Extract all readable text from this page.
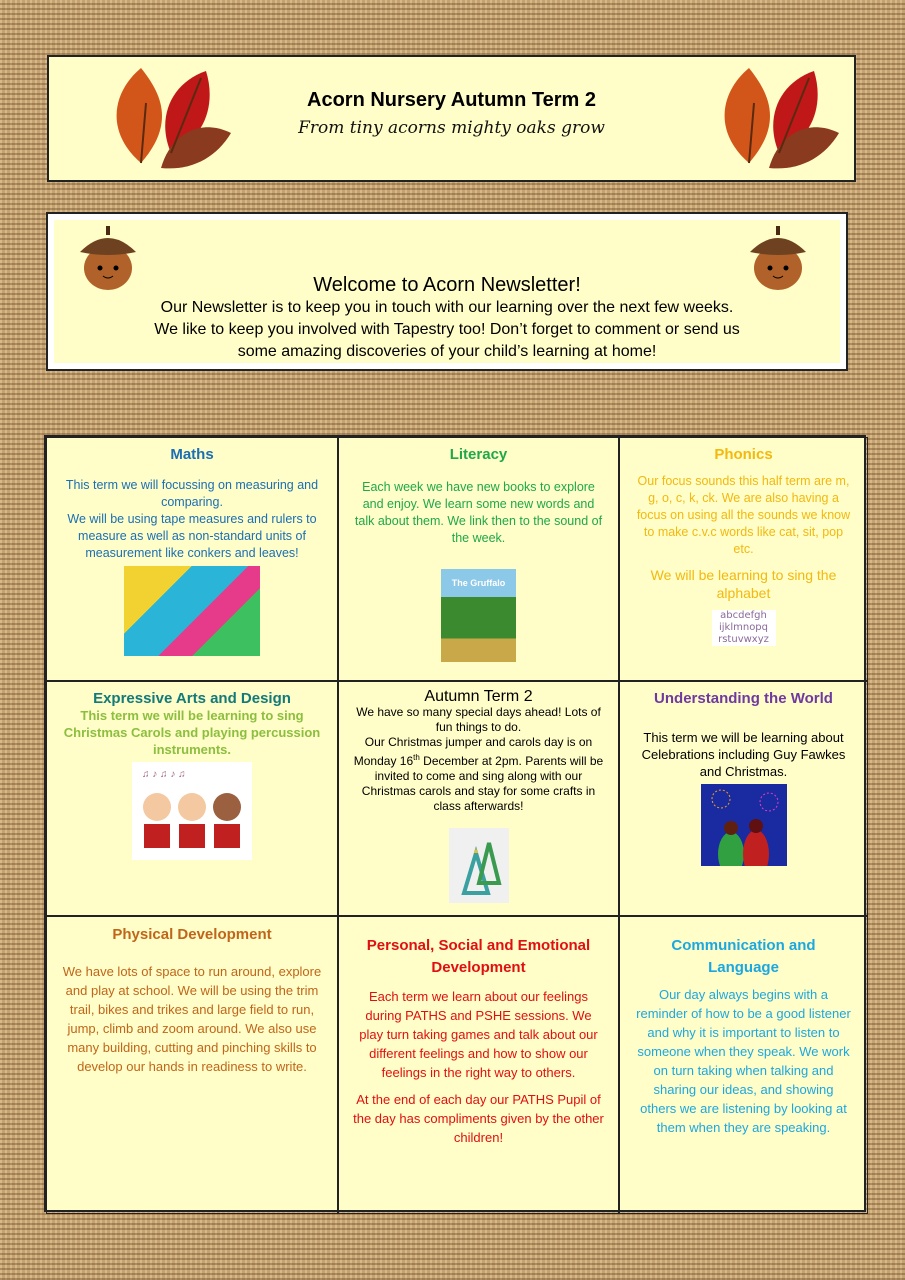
Acorn Nursery Autumn Term 2
From tiny acorns mighty oaks grow
Welcome to Acorn Newsletter!

Our Newsletter is to keep you in touch with our learning over the next few weeks.

We like to keep you involved with Tapestry too! Don’t forget to comment or send us some amazing discoveries of your child’s learning at home!

Maths

This term we will focussing on measuring and comparing.

We will be using tape measures and rulers to measure as well as non-standard units of measurement like conkers and leaves!

Literacy

Each week we have new books to explore and enjoy. We learn some new words and talk about them. We link then to the sound of the week.

The Gruffalo
Phonics

Our focus sounds this half term are m, g, o, c, k, ck. We are also having a focus on using all the sounds we know to make c.v.c words like cat, sit, pop etc.

We will be learning to sing the alphabet

abcdefgh
ijklmnopq
rstuvwxyz
Expressive Arts and Design

This term we will be learning to sing Christmas Carols and playing percussion instruments.

♫ ♪ ♫ ♪ ♫
Autumn Term 2

We have so many special days ahead! Lots of fun things to do.

Our Christmas jumper and carols day is on Monday 16th December at 2pm. Parents will be invited to come and sing along with our Christmas carols and stay for some crafts in class afterwards!

Understanding the World

This term we will be learning about Celebrations including Guy Fawkes and Christmas.

Physical Development

We have lots of space to run around, explore and play at school. We will be using the trim trail, bikes and trikes and large field to run, jump, climb and zoom around. We also use many building, cutting and pinching skills to develop our hands in readiness to write.

Personal, Social and Emotional Development

Each term we learn about our feelings during PATHS and PSHE sessions. We play turn taking games and talk about our different feelings and how to show our feelings in the right way to others.

At the end of each day our PATHS Pupil of the day has compliments given by the other children!

Communication and Language

Our day always begins with a reminder of how to be a good listener and why it is important to listen to someone when they speak. We work on turn taking when talking and sharing our ideas, and showing others we are listening by looking at them when they are speaking.
